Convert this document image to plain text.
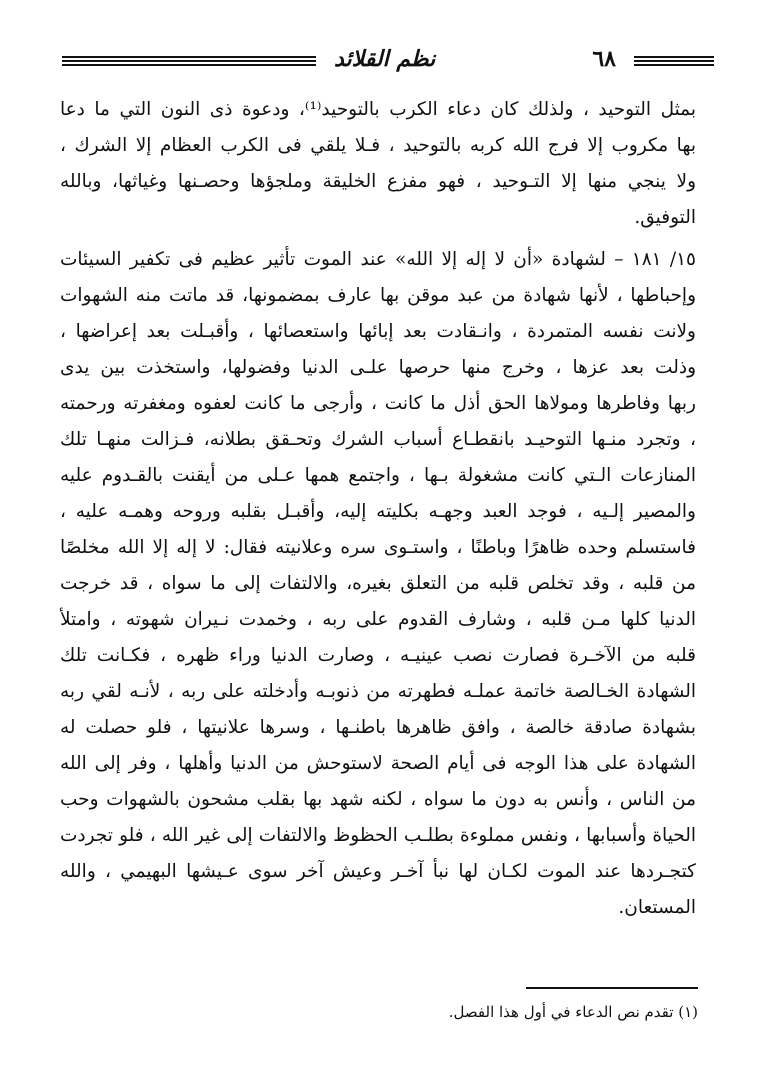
٦٨
نظم القلائد

بمثل التوحيد ، ولذلك كان دعاء الكرب بالتوحيد⁽¹⁾، ودعوة ذى النون التي ما دعا
بها مكروب إلا فرج الله كربه بالتوحيد ، فـلا يلقي فى الكرب العظام إلا الشرك ،
ولا ينجي منها إلا التـوحيد ، فهو مفزع الخليقة وملجؤها وحصـنها وغياثها، وبالله
التوفيق.

١٥/ ١٨١ – لشهادة «أن لا إله إلا الله» عند الموت تأثير عظيم فى تكفير السيئات
وإحباطها ، لأنها شهادة من عبد موقن بها عارف بمضمونها، قد ماتت منه الشهوات
ولانت نفسه المتمردة ، وانـقادت بعد إبائها واستعصائها ، وأقبـلت بعد إعراضها ،
وذلت بعد عزها ، وخرج منها حرصها علـى الدنيا وفضولها، واستخذت بين يدى
ربها وفاطرها ومولاها الحق أذل ما كانت ، وأرجى ما كانت لعفوه ومغفرته ورحمته
، وتجرد منـها التوحيـد بانقطـاع أسباب الشرك وتحـقق بطلانه، فـزالت منهـا تلك
المنازعات الـتي كانت مشغولة بـها ، واجتمع همها عـلى من أيقنت بالقـدوم عليه
والمصير إلـيه ، فوجد العبد وجهـه بكليته إليه، وأقبـل بقلبه وروحه وهمـه عليه ،
فاستسلم وحده ظاهرًا وباطنًا ، واستـوى سره وعلانيته فقال: لا إله إلا الله مخلصًا
من قلبه ، وقد تخلص قلبه من التعلق بغيره، والالتفات إلى ما سواه ، قد خرجت
الدنيا كلها مـن قلبه ، وشارف القدوم على ربه ، وخمدت نـيران شهوته ، وامتلأ
قلبه من الآخـرة فصارت نصب عينيـه ، وصارت الدنيا وراء ظهره ، فكـانت تلك
الشهادة الخـالصة خاتمة عملـه فطهرته من ذنوبـه وأدخلته على ربه ، لأنـه لقي ربه
بشهادة صادقة خالصة ، وافق ظاهرها باطنـها ، وسرها علانيتها ، فلو حصلت له
الشهادة على هذا الوجه فى أيام الصحة لاستوحش من الدنيا وأهلها ، وفر إلى الله
من الناس ، وأنس به دون ما سواه ، لكنه شهد بها بقلب مشحون بالشهوات وحب
الحياة وأسبابها ، ونفس مملوءة بطلـب الحظوظ والالتفات إلى غير الله ، فلو تجردت
كتجـردها عند الموت لكـان لها نبأ آخـر وعيش آخر سوى عـيشها البهيمي ، والله
المستعان.

(١) تقدم نص الدعاء في أول هذا الفصل.
